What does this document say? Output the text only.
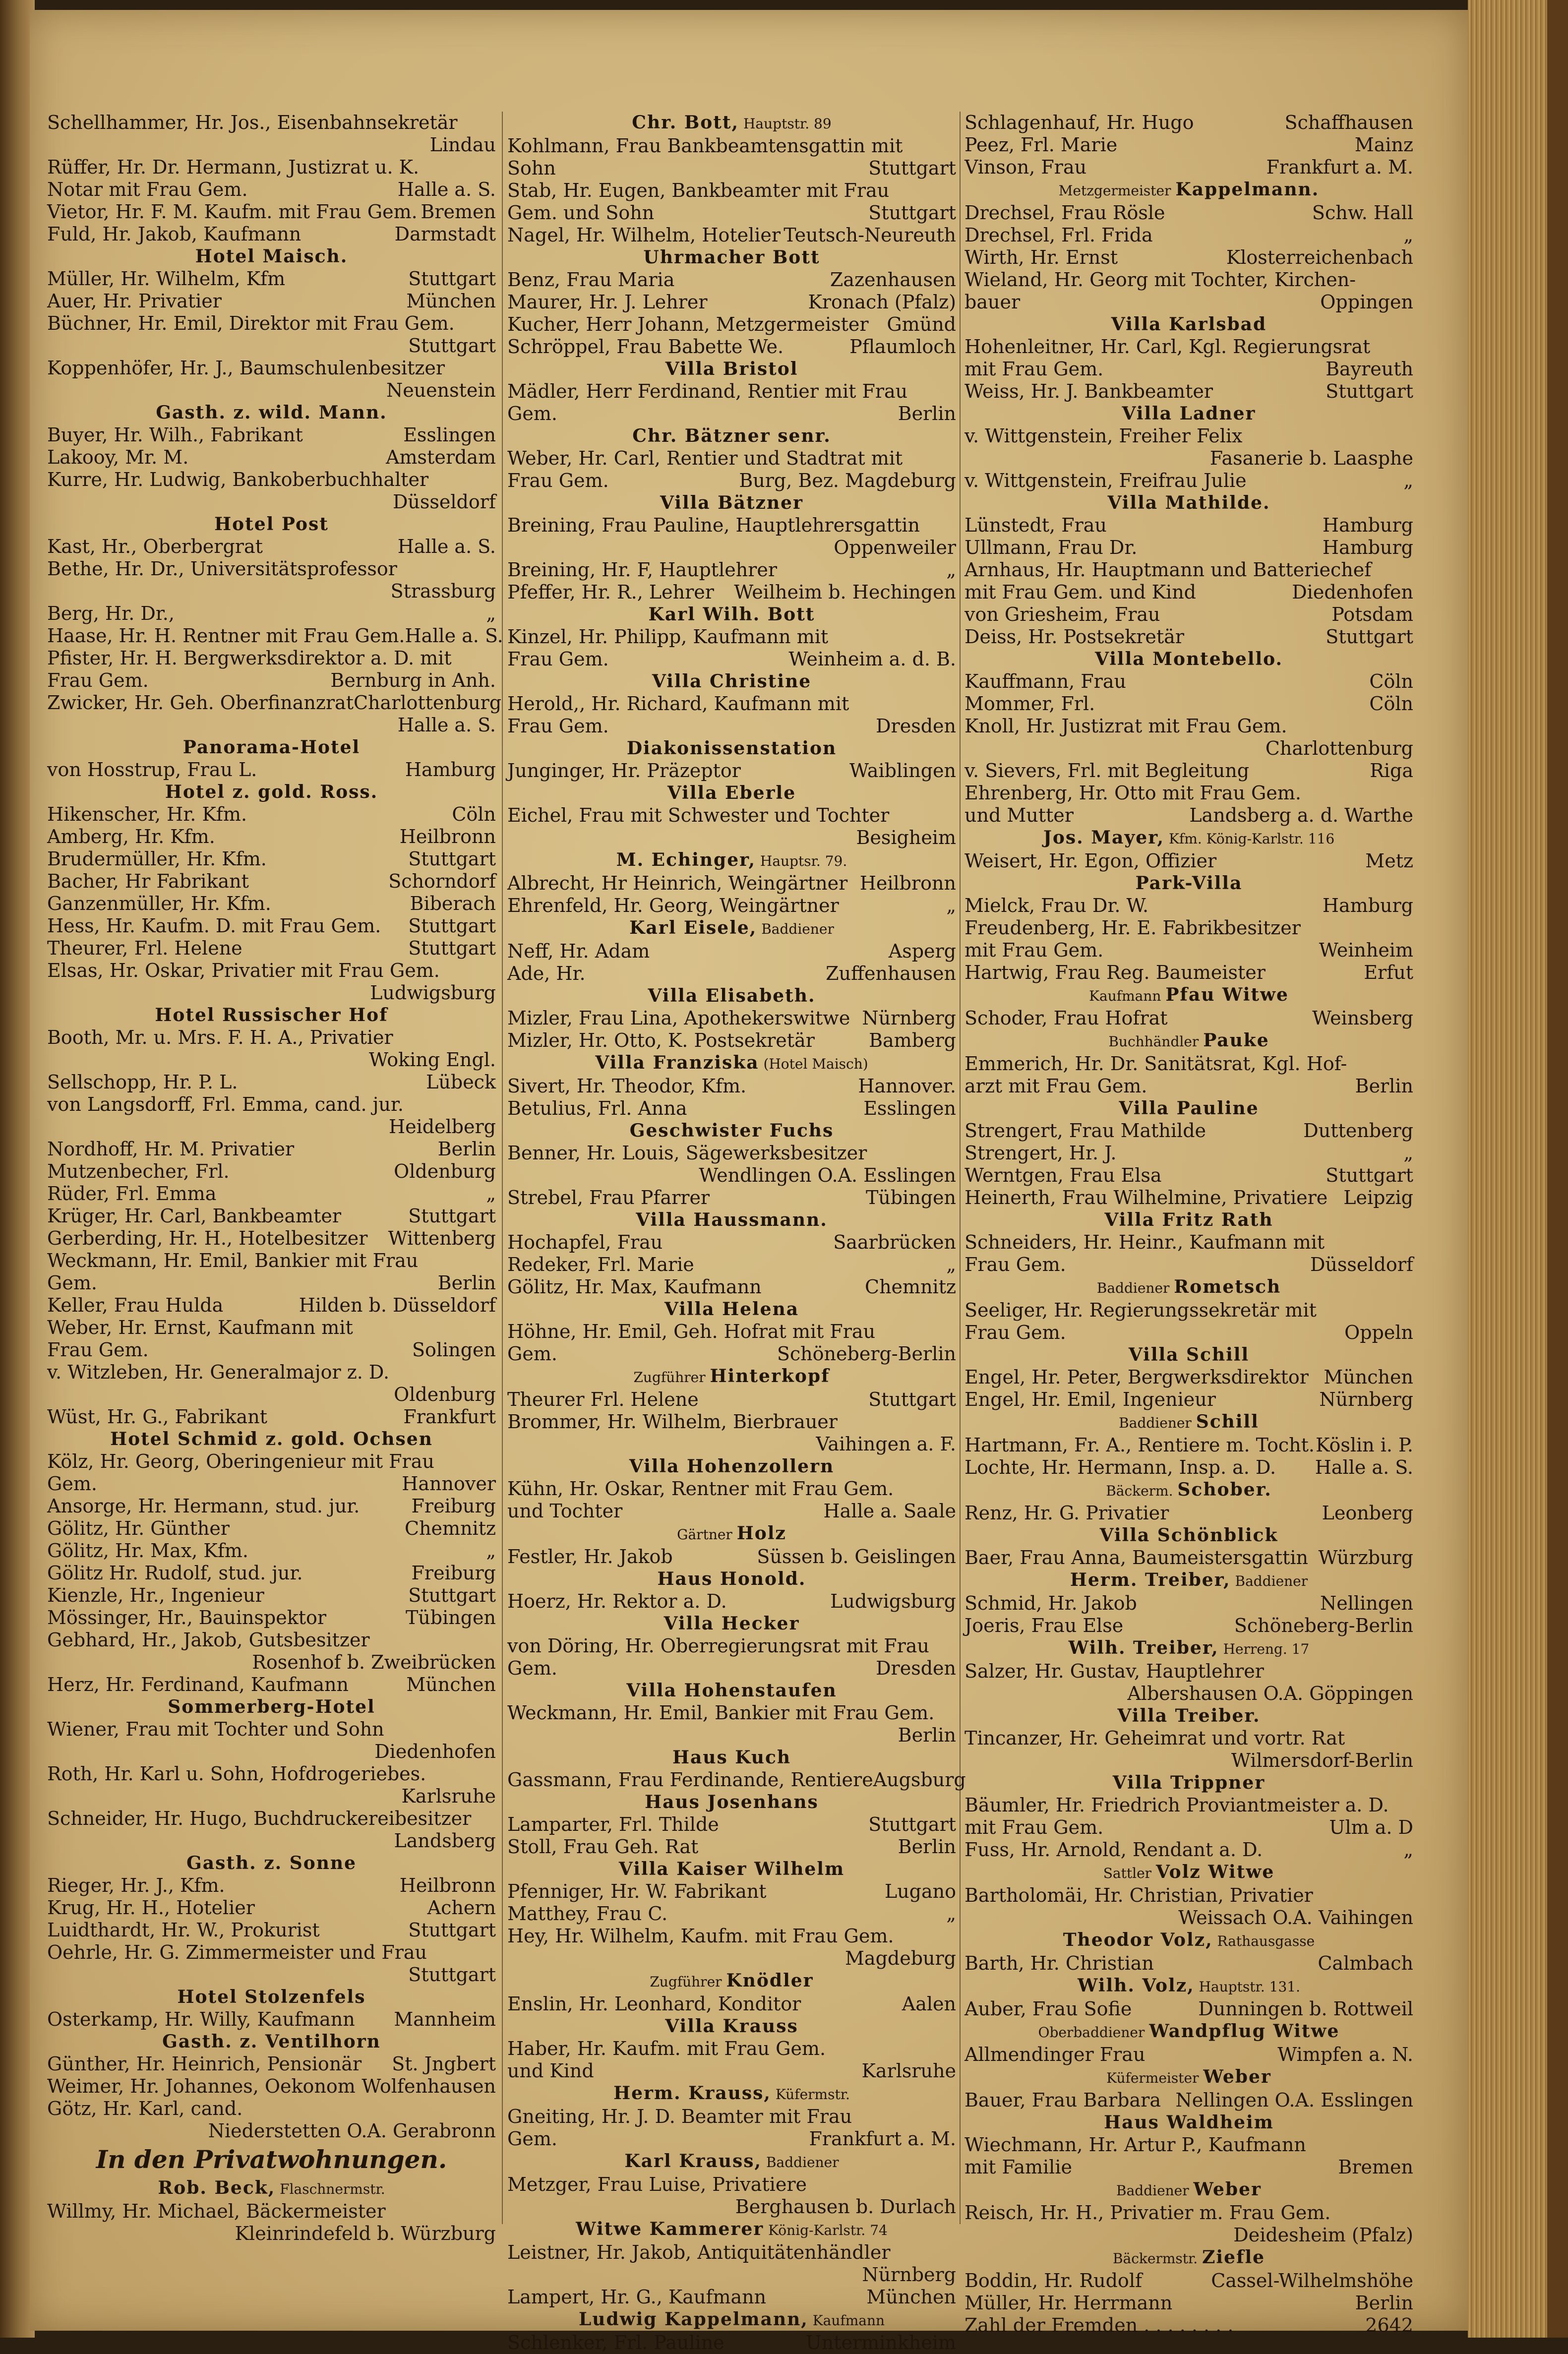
Schellhammer, Hr. Jos., Eisenbahnsekretär
Lindau
Rüffer, Hr. Dr. Hermann, Justizrat u. K.
Notar mit Frau Gem.	Halle a. S.
Vietor, Hr. F. M. Kaufm. mit Frau Gem. Bremen
Fuld, Hr. Jakob, Kaufmann	Darmstadt
Hotel Maisch.
Müller, Hr. Wilhelm, Kfm	Stuttgart
Auer, Hr. Privatier	München
Büchner, Hr. Emil, Direktor mit Frau Gem.
Stuttgart
Koppenhöfer, Hr. J., Baumschulenbesitzer
Neuenstein
Gasth. z. wild. Mann.
Buyer, Hr. Wilh., Fabrikant	Esslingen
Lakooy, Mr. M.	Amsterdam
Kurre, Hr. Ludwig, Bankoberbuchhalter
Düsseldorf
Hotel Post
Kast, Hr., Oberbergrat	Halle a. S.
Bethe, Hr. Dr., Universitätsprofessor
Strassburg
Berg, Hr. Dr.,	„
Haase, Hr. H. Rentner mit Frau Gem. Halle a. S.
Pfister, Hr. H. Bergwerksdirektor a. D. mit
Frau Gem.	Bernburg in Anh.
Zwicker, Hr. Geh. Oberfinanzrat Charlottenburg
Halle a. S.
Panorama-Hotel
von Hosstrup, Frau L.	Hamburg
Hotel z. gold. Ross.
Hikenscher, Hr. Kfm.	Cöln
Amberg, Hr. Kfm.	Heilbronn
Brudermüller, Hr. Kfm.	Stuttgart
Bacher, Hr Fabrikant	Schorndorf
Ganzenmüller, Hr. Kfm.	Biberach
Hess, Hr. Kaufm. D. mit Frau Gem. Stuttgart
Theurer, Frl. Helene	Stuttgart
Elsas, Hr. Oskar, Privatier mit Frau Gem.
Ludwigsburg
Hotel Russischer Hof
Booth, Mr. u. Mrs. F. H. A., Privatier
Woking Engl.
Sellschopp, Hr. P. L.	Lübeck
von Langsdorff, Frl. Emma, cand. jur.
Heidelberg
Nordhoff, Hr. M. Privatier	Berlin
Mutzenbecher, Frl.	Oldenburg
Rüder, Frl. Emma	„
Krüger, Hr. Carl, Bankbeamter	Stuttgart
Gerberding, Hr. H., Hotelbesitzer Wittenberg
Weckmann, Hr. Emil, Bankier mit Frau
Gem.	Berlin
Keller, Frau Hulda	Hilden b. Düsseldorf
Weber, Hr. Ernst, Kaufmann mit
Frau Gem.	Solingen
v. Witzleben, Hr. Generalmajor z. D.
Oldenburg
Wüst, Hr. G., Fabrikant	Frankfurt
Hotel Schmid z. gold. Ochsen
Kölz, Hr. Georg, Oberingenieur mit Frau
Gem.	Hannover
Ansorge, Hr. Hermann, stud. jur.	Freiburg
Gölitz, Hr. Günther	Chemnitz
Gölitz, Hr. Max, Kfm.	„
Gölitz Hr. Rudolf, stud. jur.	Freiburg
Kienzle, Hr., Ingenieur	Stuttgart
Mössinger, Hr., Bauinspektor	Tübingen
Gebhard, Hr., Jakob, Gutsbesitzer
Rosenhof b. Zweibrücken
Herz, Hr. Ferdinand, Kaufmann	München
Sommerberg-Hotel
Wiener, Frau mit Tochter und Sohn
Diedenhofen
Roth, Hr. Karl u. Sohn, Hofdrogeriebes.
Karlsruhe
Schneider, Hr. Hugo, Buchdruckereibesitzer
Landsberg
Gasth. z. Sonne
Rieger, Hr. J., Kfm.	Heilbronn
Krug, Hr. H., Hotelier	Achern
Luidthardt, Hr. W., Prokurist	Stuttgart
Oehrle, Hr. G. Zimmermeister und Frau
Stuttgart
Hotel Stolzenfels
Osterkamp, Hr. Willy, Kaufmann Mannheim
Gasth. z. Ventilhorn
Günther, Hr. Heinrich, Pensionär St. Jngbert
Weimer, Hr. Johannes, Oekonom Wolfenhausen
Götz, Hr. Karl, cand.
Niederstetten O.A. Gerabronn
In den Privatwohnungen.
Rob. Beck, Flaschnermstr.
Willmy, Hr. Michael, Bäckermeister
Kleinrindefeld b. Würzburg
Chr. Bott, Hauptstr. 89
Kohlmann, Frau Bankbeamtensgattin mit
Sohn	Stuttgart
Stab, Hr. Eugen, Bankbeamter mit Frau
Gem. und Sohn	Stuttgart
Nagel, Hr. Wilhelm, Hotelier Teutsch-Neureuth
Uhrmacher Bott
Benz, Frau Maria	Zazenhausen
Maurer, Hr. J. Lehrer	Kronach (Pfalz)
Kucher, Herr Johann, Metzgermeister Gmünd
Schröppel, Frau Babette We.	Pflaumloch
Villa Bristol
Mädler, Herr Ferdinand, Rentier mit Frau
Gem.	Berlin
Chr. Bätzner senr.
Weber, Hr. Carl, Rentier und Stadtrat mit
Frau Gem.	Burg, Bez. Magdeburg
Villa Bätzner
Breining, Frau Pauline, Hauptlehrersgattin
Oppenweiler
Breining, Hr. F, Hauptlehrer	„
Pfeffer, Hr. R., Lehrer Weilheim b. Hechingen
Karl Wilh. Bott
Kinzel, Hr. Philipp, Kaufmann mit
Frau Gem.	Weinheim a. d. B.
Villa Christine
Herold,, Hr. Richard, Kaufmann mit
Frau Gem.	Dresden
Diakonissenstation
Junginger, Hr. Präzeptor	Waiblingen
Villa Eberle
Eichel, Frau mit Schwester und Tochter
Besigheim
M. Echinger, Hauptsr. 79.
Albrecht, Hr Heinrich, Weingärtner Heilbronn
Ehrenfeld, Hr. Georg, Weingärtner	„
Karl Eisele, Baddiener
Neff, Hr. Adam	Asperg
Ade, Hr.	Zuffenhausen
Villa Elisabeth.
Mizler, Frau Lina, Apothekerswitwe Nürnberg
Mizler, Hr. Otto, K. Postsekretär	Bamberg
Villa Franziska (Hotel Maisch)
Sivert, Hr. Theodor, Kfm.	Hannover.
Betulius, Frl. Anna	Esslingen
Geschwister Fuchs
Benner, Hr. Louis, Sägewerksbesitzer
Wendlingen O.A. Esslingen
Strebel, Frau Pfarrer	Tübingen
Villa Haussmann.
Hochapfel, Frau	Saarbrücken
Redeker, Frl. Marie	„
Gölitz, Hr. Max, Kaufmann	Chemnitz
Villa Helena
Höhne, Hr. Emil, Geh. Hofrat mit Frau
Gem.	Schöneberg-Berlin
Zugführer Hinterkopf
Theurer Frl. Helene	Stuttgart
Brommer, Hr. Wilhelm, Bierbrauer
Vaihingen a. F.
Villa Hohenzollern
Kühn, Hr. Oskar, Rentner mit Frau Gem.
und Tochter	Halle a. Saale
Gärtner Holz
Festler, Hr. Jakob	Süssen b. Geislingen
Haus Honold.
Hoerz, Hr. Rektor a. D.	Ludwigsburg
Villa Hecker
von Döring, Hr. Oberregierungsrat mit Frau
Gem.	Dresden
Villa Hohenstaufen
Weckmann, Hr. Emil, Bankier mit Frau Gem.
Berlin
Haus Kuch
Gassmann, Frau Ferdinande, Rentiere Augsburg
Haus Josenhans
Lamparter, Frl. Thilde	Stuttgart
Stoll, Frau Geh. Rat	Berlin
Villa Kaiser Wilhelm
Pfenniger, Hr. W. Fabrikant	Lugano
Matthey, Frau C.	„
Hey, Hr. Wilhelm, Kaufm. mit Frau Gem.
Magdeburg
Zugführer Knödler
Enslin, Hr. Leonhard, Konditor	Aalen
Villa Krauss
Haber, Hr. Kaufm. mit Frau Gem.
und Kind	Karlsruhe
Herm. Krauss, Küfermstr.
Gneiting, Hr. J. D. Beamter mit Frau
Gem.	Frankfurt a. M.
Karl Krauss, Baddiener
Metzger, Frau Luise, Privatiere
Berghausen b. Durlach
Witwe Kammerer König-Karlstr. 74
Leistner, Hr. Jakob, Antiquitätenhändler
Nürnberg
Lampert, Hr. G., Kaufmann	München
Ludwig Kappelmann, Kaufmann
Schlenker, Frl. Pauline	Unterminkheim
Schlagenhauf, Hr. Hugo	Schaffhausen
Peez, Frl. Marie	Mainz
Vinson, Frau	Frankfurt a. M.
Metzgermeister Kappelmann.
Drechsel, Frau Rösle	Schw. Hall
Drechsel, Frl. Frida	„
Wirth, Hr. Ernst	Klosterreichenbach
Wieland, Hr. Georg mit Tochter, Kirchen-
bauer	Oppingen
Villa Karlsbad
Hohenleitner, Hr. Carl, Kgl. Regierungsrat
mit Frau Gem.	Bayreuth
Weiss, Hr. J. Bankbeamter	Stuttgart
Villa Ladner
v. Wittgenstein, Freiher Felix
Fasanerie b. Laasphe
v. Wittgenstein, Freifrau Julie	„
Villa Mathilde.
Lünstedt, Frau	Hamburg
Ullmann, Frau Dr.	Hamburg
Arnhaus, Hr. Hauptmann und Batteriechef
mit Frau Gem. und Kind	Diedenhofen
von Griesheim, Frau	Potsdam
Deiss, Hr. Postsekretär	Stuttgart
Villa Montebello.
Kauffmann, Frau	Cöln
Mommer, Frl.	Cöln
Knoll, Hr. Justizrat mit Frau Gem.
Charlottenburg
v. Sievers, Frl. mit Begleitung	Riga
Ehrenberg, Hr. Otto mit Frau Gem.
und Mutter	Landsberg a. d. Warthe
Jos. Mayer, Kfm. König-Karlstr. 116
Weisert, Hr. Egon, Offizier	Metz
Park-Villa
Mielck, Frau Dr. W.	Hamburg
Freudenberg, Hr. E. Fabrikbesitzer
mit Frau Gem.	Weinheim
Hartwig, Frau Reg. Baumeister	Erfut
Kaufmann Pfau Witwe
Schoder, Frau Hofrat	Weinsberg
Buchhändler Pauke
Emmerich, Hr. Dr. Sanitätsrat, Kgl. Hof-
arzt mit Frau Gem.	Berlin
Villa Pauline
Strengert, Frau Mathilde	Duttenberg
Strengert, Hr. J.	„
Werntgen, Frau Elsa	Stuttgart
Heinerth, Frau Wilhelmine, Privatiere Leipzig
Villa Fritz Rath
Schneiders, Hr. Heinr., Kaufmann mit
Frau Gem.	Düsseldorf
Baddiener Rometsch
Seeliger, Hr. Regierungssekretär mit
Frau Gem.	Oppeln
Villa Schill
Engel, Hr. Peter, Bergwerksdirektor München
Engel, Hr. Emil, Ingenieur	Nürnberg
Baddiener Schill
Hartmann, Fr. A., Rentiere m. Tocht. Köslin i. P.
Lochte, Hr. Hermann, Insp. a. D. Halle a. S.
Bäckerm. Schober.
Renz, Hr. G. Privatier	Leonberg
Villa Schönblick
Baer, Frau Anna, Baumeistersgattin Würzburg
Herm. Treiber, Baddiener
Schmid, Hr. Jakob	Nellingen
Joeris, Frau Else	Schöneberg-Berlin
Wilh. Treiber, Herreng. 17
Salzer, Hr. Gustav, Hauptlehrer
Albershausen O.A. Göppingen
Villa Treiber.
Tincanzer, Hr. Geheimrat und vortr. Rat
Wilmersdorf-Berlin
Villa Trippner
Bäumler, Hr. Friedrich Proviantmeister a. D.
mit Frau Gem.	Ulm a. D
Fuss, Hr. Arnold, Rendant a. D.	„
Sattler Volz Witwe
Bartholomäi, Hr. Christian, Privatier
Weissach O.A. Vaihingen
Theodor Volz, Rathausgasse
Barth, Hr. Christian	Calmbach
Wilh. Volz, Hauptstr. 131.
Auber, Frau Sofie	Dunningen b. Rottweil
Oberbaddiener Wandpflug Witwe
Allmendinger Frau	Wimpfen a. N.
Küfermeister Weber
Bauer, Frau Barbara Nellingen O.A. Esslingen
Haus Waldheim
Wiechmann, Hr. Artur P., Kaufmann
mit Familie	Bremen
Baddiener Weber
Reisch, Hr. H., Privatier m. Frau Gem.
Deidesheim (Pfalz)
Bäckermstr. Ziefle
Boddin, Hr. Rudolf	Cassel-Wilhelmshöhe
Müller, Hr. Herrmann	Berlin
Zahl der Fremden . . . . . . . .	2642
